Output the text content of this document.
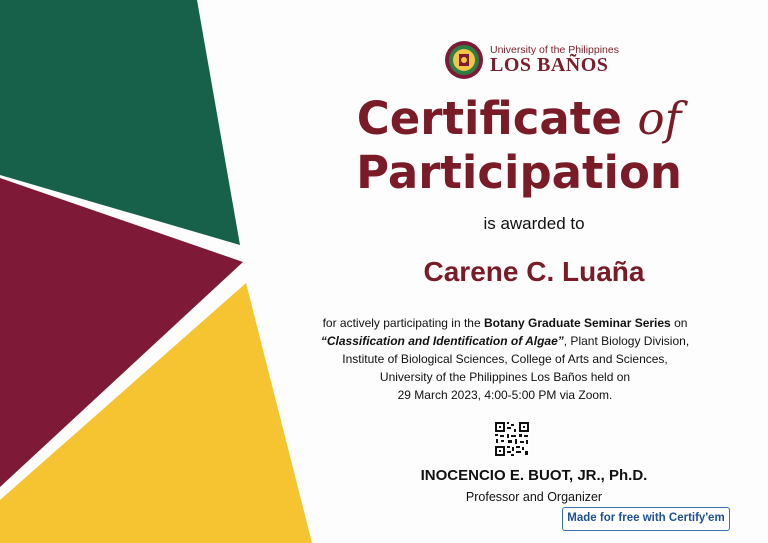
University of the Philippines
LOS BAÑOS
Certificate of
Participation
is awarded to
Carene C. Luaña
for actively participating in the Botany Graduate Seminar Series on
“Classification and Identification of Algae”, Plant Biology Division,
Institute of Biological Sciences, College of Arts and Sciences,
University of the Philippines Los Baños held on
29 March 2023, 4:00-5:00 PM via Zoom.
INOCENCIO E. BUOT, JR., Ph.D.
Professor and Organizer
Made for free with Certify'em
